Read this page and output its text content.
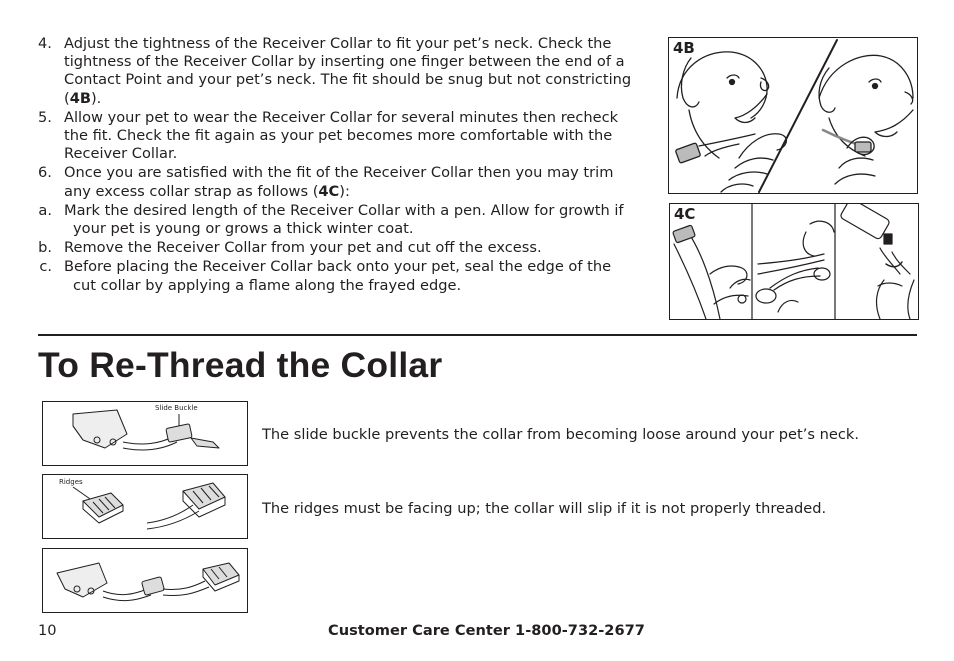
4. Adjust the tightness of the Receiver Collar to fit your pet’s neck. Check the tightness of the Receiver Collar by inserting one finger between the end of a Contact Point and your pet’s neck. The fit should be snug but not constricting (4B).
5. Allow your pet to wear the Receiver Collar for several minutes then recheck the fit. Check the fit again as your pet becomes more comfortable with the Receiver Collar.
6. Once you are satisfied with the fit of the Receiver Collar then you may trim any excess collar strap as follows (4C):
a. Mark the desired length of the Receiver Collar with a pen. Allow for growth if your pet is young or grows a thick winter coat.
b. Remove the Receiver Collar from your pet and cut off the excess.
c. Before placing the Receiver Collar back onto your pet, seal the edge of the cut collar by applying a flame along the frayed edge.
4B
4C
To Re-Thread the Collar
Slide Buckle
Ridges
The slide buckle prevents the collar from becoming loose around your pet’s neck.
The ridges must be facing up; the collar will slip if it is not properly threaded.
10	Customer Care Center 1-800-732-2677
